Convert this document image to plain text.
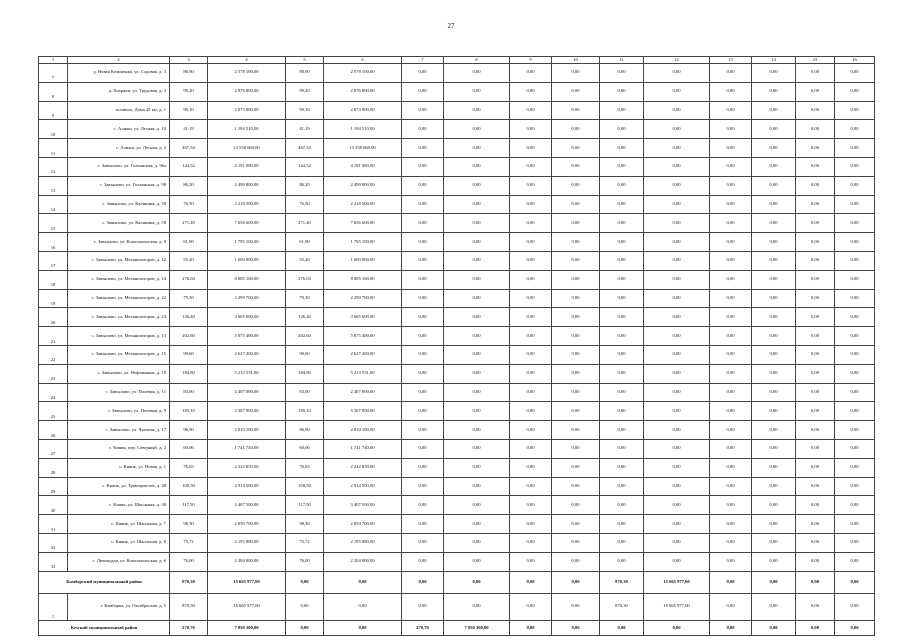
27
1	2	3	4	5	6	7	8	9	10	11	12	13	14	15	16
7	д. Новая Кельменка, ул. Садовая, д. 3	88,90	2 578 100,00	88,90	2 578 100,00	0,00	0,00	0,00	0,00	0,00	0,00	0,00	0,00	0,00	0,00
8	д. Хохряки, ул. Трудовая, д. 3	99,20	2 876 800,00	99,20	2 876 800,00	0,00	0,00	0,00	0,00	0,00	0,00	0,00	0,00	0,00	0,00
9	починок, Дома 45 км, д. 1	99,10	2 873 900,00	99,10	2 873 900,00	0,00	0,00	0,00	0,00	0,00	0,00	0,00	0,00	0,00	0,00
10	с. Алнаш, ул. Лесная, д. 10	41,19	1 194 510,00	41,19	1 194 510,00	0,00	0,00	0,00	0,00	0,00	0,00	0,00	0,00	0,00	0,00
11	с. Алнаш, ул. Лесная, д. 2	467,54	13 558 660,00	467,54	13 558 660,00	0,00	0,00	0,00	0,00	0,00	0,00	0,00	0,00	0,00	0,00
12	с. Завьялово, ул. Гольянская, д. 96а	144,52	4 191 080,00	144,52	4 191 080,00	0,00	0,00	0,00	0,00	0,00	0,00	0,00	0,00	0,00	0,00
13	с. Завьялово, ул. Гольянская, д. 98	86,20	2 499 800,00	86,20	2 499 800,00	0,00	0,00	0,00	0,00	0,00	0,00	0,00	0,00	0,00	0,00
14	с. Завьялово, ул. Калинина, д. 39	76,50	2 218 500,00	76,50	2 218 500,00	0,00	0,00	0,00	0,00	0,00	0,00	0,00	0,00	0,00	0,00
15	с. Завьялово, ул. Калинина, д. 58	271,40	7 656 600,00	271,40	7 656 600,00	0,00	0,00	0,00	0,00	0,00	0,00	0,00	0,00	0,00	0,00
16	с. Завьялово, ул. Комсомольская, д. 9	61,90	1 795 100,00	61,90	1 795 100,00	0,00	0,00	0,00	0,00	0,00	0,00	0,00	0,00	0,00	0,00
17	с. Завьялово, ул. Механизаторов, д. 12	55,20	1 600 800,00	55,20	1 600 800,00	0,00	0,00	0,00	0,00	0,00	0,00	0,00	0,00	0,00	0,00
18	с. Завьялово, ул. Механизаторов, д. 14	276,04	8 005 160,00	276,04	8 005 160,00	0,00	0,00	0,00	0,00	0,00	0,00	0,00	0,00	0,00	0,00
19	с. Завьялово, ул. Механизаторов, д. 22	79,30	2 299 700,00	79,30	2 299 700,00	0,00	0,00	0,00	0,00	0,00	0,00	0,00	0,00	0,00	0,00
20	с. Завьялово, ул. Механизаторов, д. 24	126,40	3 665 600,00	126,40	3 665 600,00	0,00	0,00	0,00	0,00	0,00	0,00	0,00	0,00	0,00	0,00
21	с. Завьялово, ул. Механизаторов, д. 13	202,60	5 875 400,00	202,60	5 875 400,00	0,00	0,00	0,00	0,00	0,00	0,00	0,00	0,00	0,00	0,00
22	с. Завьялово, ул. Механизаторов, д. 15	90,60	2 627 400,00	90,60	2 627 400,00	0,00	0,00	0,00	0,00	0,00	0,00	0,00	0,00	0,00	0,00
23	с. Завьялово, ул. Нефтяников, д. 10	184,80	5 213 531,00	184,80	5 213 531,00	0,00	0,00	0,00	0,00	0,00	0,00	0,00	0,00	0,00	0,00
24	с. Завьялово, ул. Полевая, д. 11	83,00	2 407 000,00	83,00	2 407 000,00	0,00	0,00	0,00	0,00	0,00	0,00	0,00	0,00	0,00	0,00
25	с. Завьялово, ул. Полевая, д. 9	185,10	5 367 900,00	185,10	5 367 900,00	0,00	0,00	0,00	0,00	0,00	0,00	0,00	0,00	0,00	0,00
26	с. Завьялово, ул. Чкалова, д. 17	96,90	2 810 100,00	96,90	2 810 100,00	0,00	0,00	0,00	0,00	0,00	0,00	0,00	0,00	0,00	0,00
27	с. Кияик, пер. Северный, д. 2	60,06	1 741 740,00	60,06	1 741 740,00	0,00	0,00	0,00	0,00	0,00	0,00	0,00	0,00	0,00	0,00
28	с. Кияик, ул. Новая, д. 1	76,65	2 222 850,00	76,65	2 222 850,00	0,00	0,00	0,00	0,00	0,00	0,00	0,00	0,00	0,00	0,00
29	с. Кияик, ул. Трактористов, д. 48	100,50	2 914 500,00	100,50	2 914 500,00	0,00	0,00	0,00	0,00	0,00	0,00	0,00	0,00	0,00	0,00
30	с. Кияик, ул. Школьная, д. 38	117,50	3 407 500,00	117,50	3 407 500,00	0,00	0,00	0,00	0,00	0,00	0,00	0,00	0,00	0,00	0,00
31	с. Кияик, ул. Школьная, д. 7	98,30	2 850 700,00	98,30	2 850 700,00	0,00	0,00	0,00	0,00	0,00	0,00	0,00	0,00	0,00	0,00
32	с. Кияик, ул. Школьная, д. 8	75,72	2 195 880,00	75,72	2 195 880,00	0,00	0,00	0,00	0,00	0,00	0,00	0,00	0,00	0,00	0,00
33	с. Люкшудья, ул. Комсомольская, д. 6	76,00	2 204 000,00	76,00	2 204 000,00	0,00	0,00	0,00	0,00	0,00	0,00	0,00	0,00	0,00	0,00
Камбарский муниципальный район		870,30	15 665 977,00	0,00	0,00	0,00	0,00	0,00	0,00	870,30	15 665 977,00	0,00	0,00	0,00	0,00
1	г. Камбарка, ул. Октябрьская, д. 5	870,30	15 665 977,00	0,00	0,00	0,00	0,00	0,00	0,00	870,30	15 665 977,00	0,00	0,00	0,00	0,00
Кезский муниципальный район		270,70	7 850 300,00	0,00	0,00	270,70	7 850 300,00	0,00	0,00	0,00	0,00	0,00	0,00	0,00	0,00
